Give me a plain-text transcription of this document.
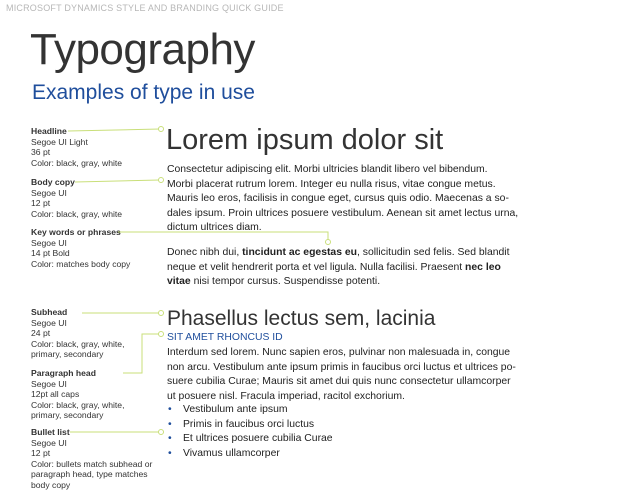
MICROSOFT DYNAMICS STYLE AND BRANDING QUICK GUIDE
Typography
Examples of type in use
Headline
Segoe UI Light
36 pt
Color: black, gray, white
Body copy
Segoe UI
12 pt
Color: black, gray, white
Key words or phrases
Segoe UI
14 pt Bold
Color: matches body copy
Subhead
Segoe UI
24 pt
Color: black, gray, white,
primary, secondary
Paragraph head
Segoe UI
12pt all caps
Color: black, gray, white,
primary, secondary
Bullet list
Segoe UI
12 pt
Color: bullets match subhead or
paragraph head, type matches
body copy
Lorem ipsum dolor sit
Consectetur adipiscing elit. Morbi ultricies blandit libero vel bibendum.
Morbi placerat rutrum lorem. Integer eu nulla risus, vitae congue metus.
Mauris leo eros, facilisis in congue eget, cursus quis odio. Maecenas a so-
dales ipsum. Proin ultrices posuere vestibulum. Aenean sit amet lectus urna,
dictum ultrices diam.
Donec nibh dui, tincidunt ac egestas eu, sollicitudin sed felis. Sed blandit
neque et velit hendrerit porta et vel ligula. Nulla facilisi. Praesent nec leo
vitae nisi tempor cursus. Suspendisse potenti.
Phasellus lectus sem, lacinia
SIT AMET RHONCUS ID
Interdum sed lorem. Nunc sapien eros, pulvinar non malesuada in, congue
non arcu. Vestibulum ante ipsum primis in faucibus orci luctus et ultrices po-
suere cubilia Curae; Mauris sit amet dui quis nunc consectetur ullamcorper
ut posuere nisl. Fracula imperiad, racitol exchorium.
• Vestibulum ante ipsum
• Primis in faucibus orci luctus
• Et ultrices posuere cubilia Curae
• Vivamus ullamcorper
